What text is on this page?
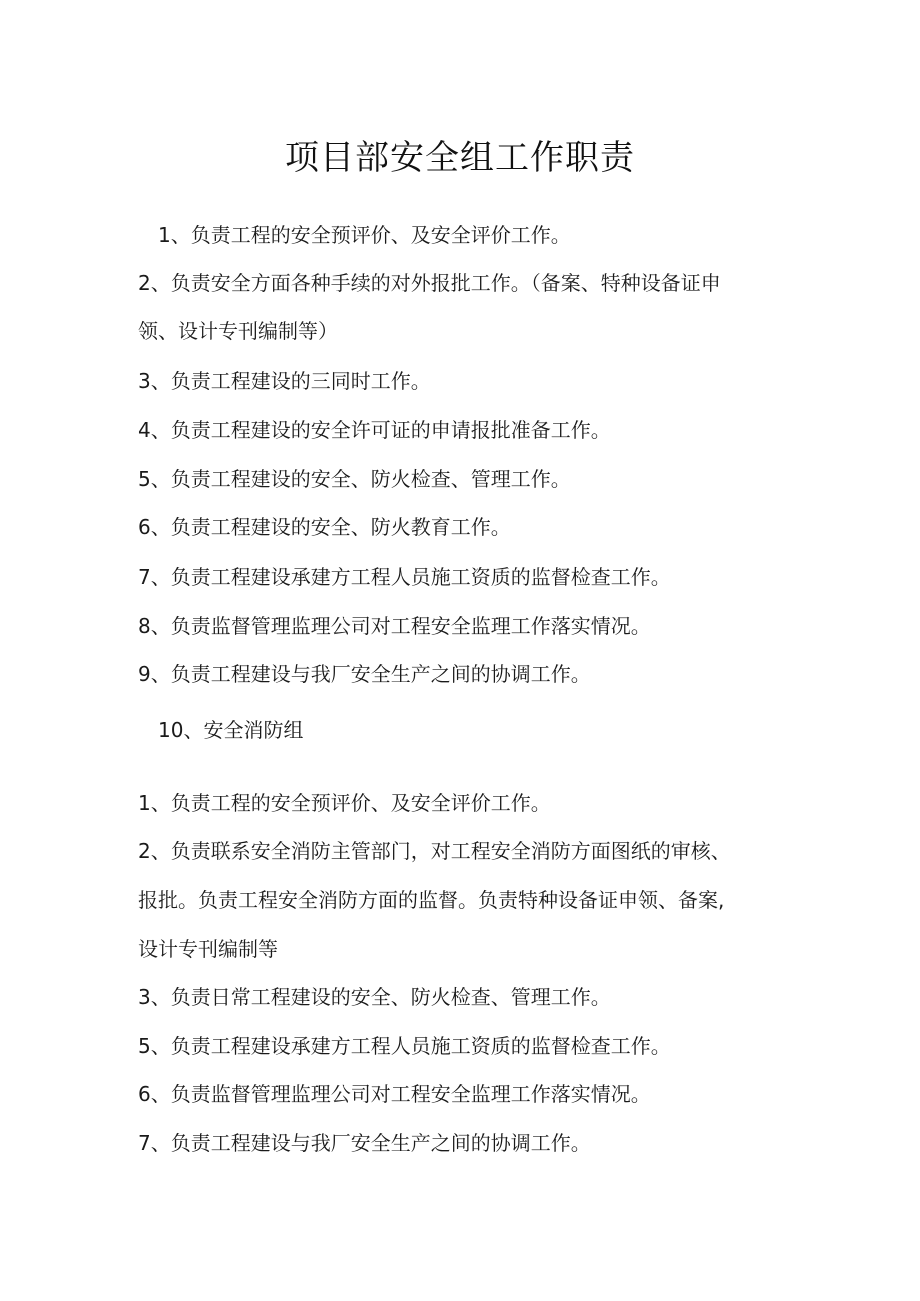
项目部安全组工作职责
1、负责工程的安全预评价、及安全评价工作。
2、负责安全方面各种手续的对外报批工作。（备案、特种设备证申
领、设计专刊编制等）
3、负责工程建设的三同时工作。
4、负责工程建设的安全许可证的申请报批准备工作。
5、负责工程建设的安全、防火检查、管理工作。
6、负责工程建设的安全、防火教育工作。
7、负责工程建设承建方工程人员施工资质的监督检查工作。
8、负责监督管理监理公司对工程安全监理工作落实情况。
9、负责工程建设与我厂安全生产之间的协调工作。
10、安全消防组
1、负责工程的安全预评价、及安全评价工作。
2、负责联系安全消防主管部门，对工程安全消防方面图纸的审核、
报批。负责工程安全消防方面的监督。负责特种设备证申领、备案,
设计专刊编制等
3、负责日常工程建设的安全、防火检查、管理工作。
5、负责工程建设承建方工程人员施工资质的监督检查工作。
6、负责监督管理监理公司对工程安全监理工作落实情况。
7、负责工程建设与我厂安全生产之间的协调工作。
